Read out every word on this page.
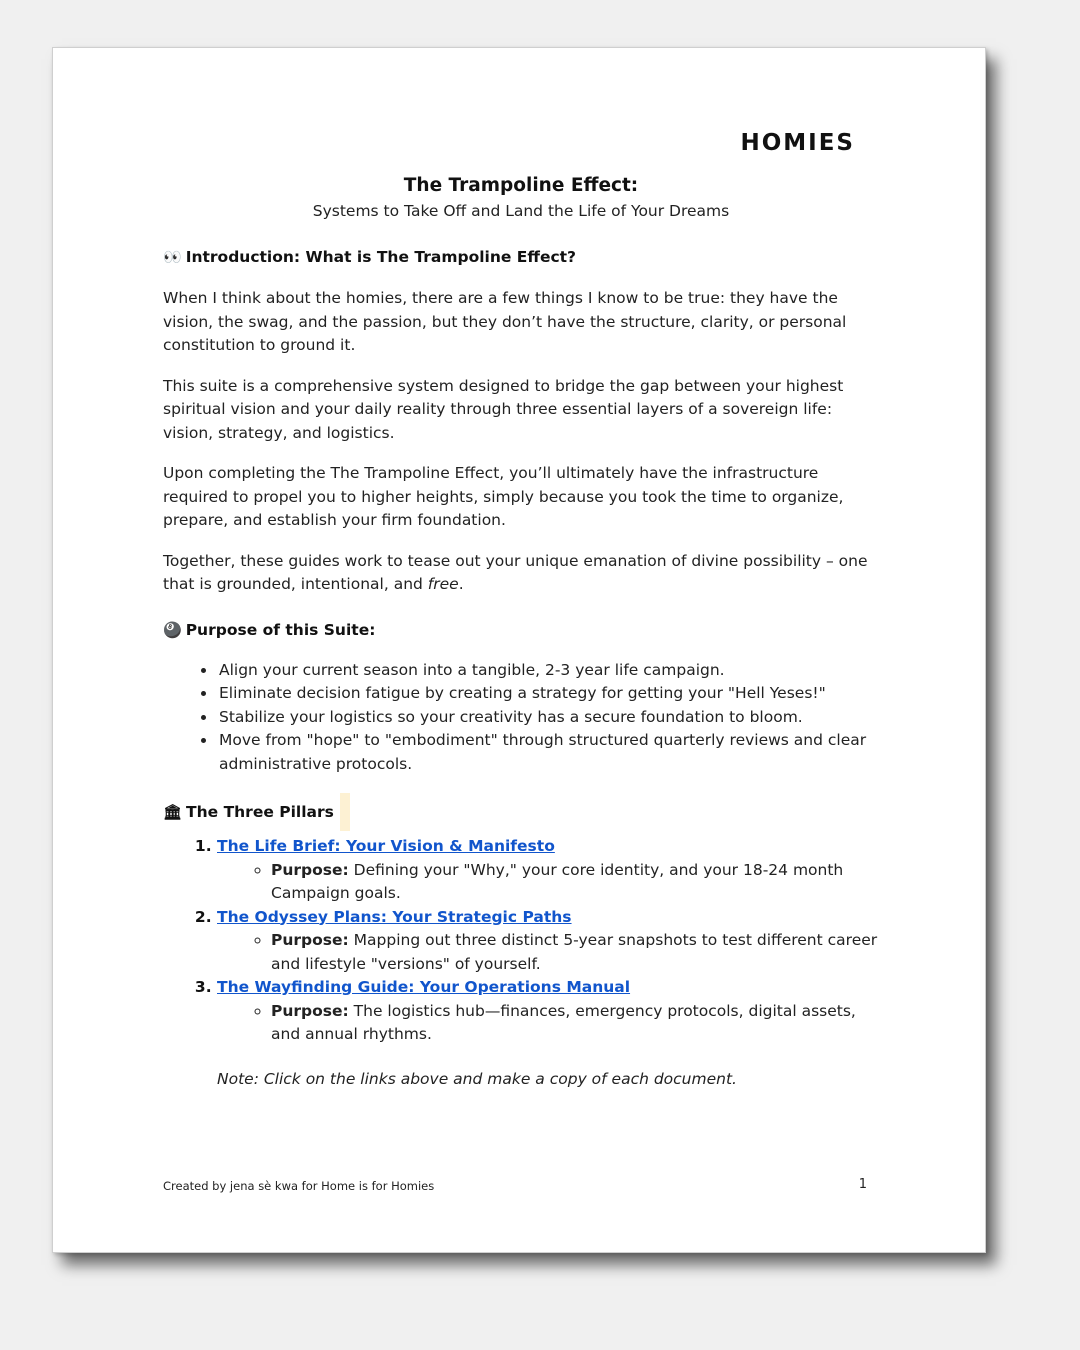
HOMIES
The Trampoline Effect:

Systems to Take Off and Land the Life of Your Dreams

👀 Introduction: What is The Trampoline Effect?

When I think about the homies, there are a few things I know to be true: they have the vision, the swag, and the passion, but they don’t have the structure, clarity, or personal constitution to ground it.

This suite is a comprehensive system designed to bridge the gap between your highest spiritual vision and your daily reality through three essential layers of a sovereign life: vision, strategy, and logistics.

Upon completing the The Trampoline Effect, you’ll ultimately have the infrastructure required to propel you to higher heights, simply because you took the time to organize, prepare, and establish your firm foundation.

Together, these guides work to tease out your unique emanation of divine possibility – one that is grounded, intentional, and free.

🎱 Purpose of this Suite:
• Align your current season into a tangible, 2-3 year life campaign.
• Eliminate decision fatigue by creating a strategy for getting your "Hell Yeses!"
• Stabilize your logistics so your creativity has a secure foundation to bloom.
• Move from "hope" to "embodiment" through structured quarterly reviews and clear administrative protocols.
🏛 The Three Pillars
1. The Life Brief: Your Vision & Manifesto
◦ Purpose: Defining your "Why," your core identity, and your 18-24 month Campaign goals.
2. The Odyssey Plans: Your Strategic Paths
◦ Purpose: Mapping out three distinct 5-year snapshots to test different career and lifestyle "versions" of yourself.
3. The Wayfinding Guide: Your Operations Manual
◦ Purpose: The logistics hub—finances, emergency protocols, digital assets, and annual rhythms.

Note: Click on the links above and make a copy of each document.

Created by jena sè kwa for Home is for Homies	1
